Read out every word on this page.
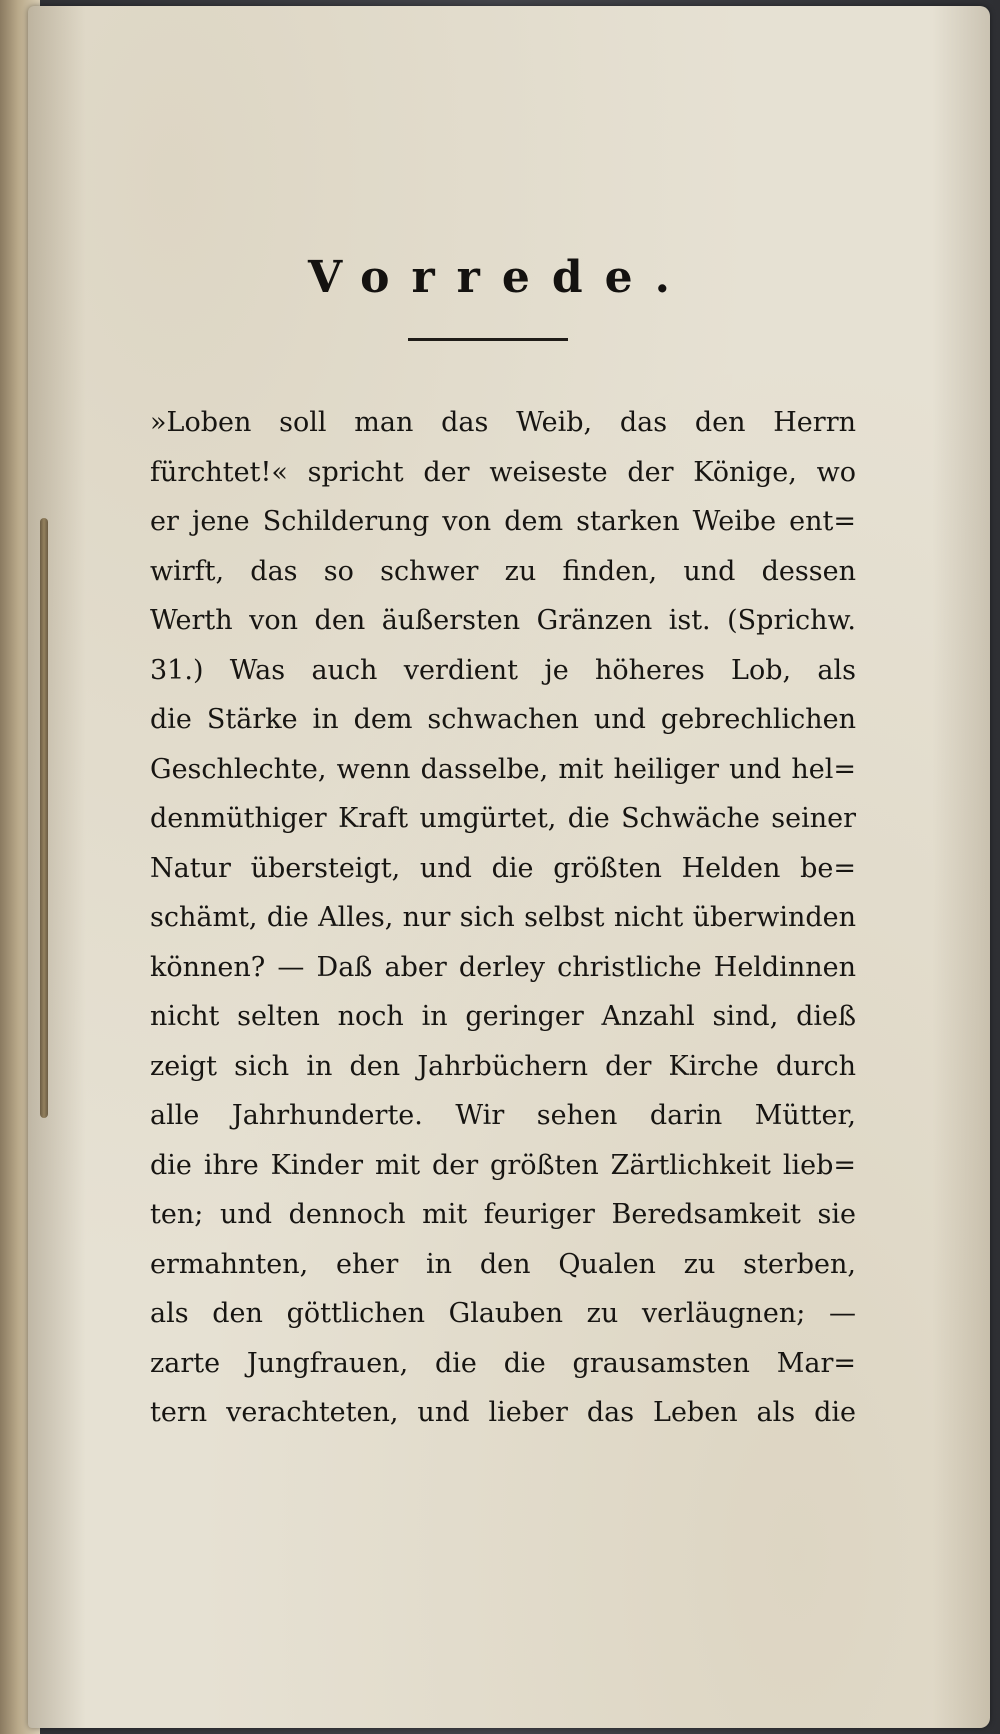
Vorrede.
»Loben soll man das Weib, das den Herrn
fürchtet!« spricht der weiseste der Könige, wo
er jene Schilderung von dem starken Weibe ent=
wirft, das so schwer zu finden, und dessen
Werth von den äußersten Gränzen ist. (Sprichw.
31.) Was auch verdient je höheres Lob, als
die Stärke in dem schwachen und gebrechlichen
Geschlechte, wenn dasselbe, mit heiliger und hel=
denmüthiger Kraft umgürtet, die Schwäche seiner
Natur übersteigt, und die größten Helden be=
schämt, die Alles, nur sich selbst nicht überwinden
können? — Daß aber derley christliche Heldinnen
nicht selten noch in geringer Anzahl sind, dieß
zeigt sich in den Jahrbüchern der Kirche durch
alle Jahrhunderte. Wir sehen darin Mütter,
die ihre Kinder mit der größten Zärtlichkeit lieb=
ten; und dennoch mit feuriger Beredsamkeit sie
ermahnten, eher in den Qualen zu sterben,
als den göttlichen Glauben zu verläugnen; —
zarte Jungfrauen, die die grausamsten Mar=
tern verachteten, und lieber das Leben als die
